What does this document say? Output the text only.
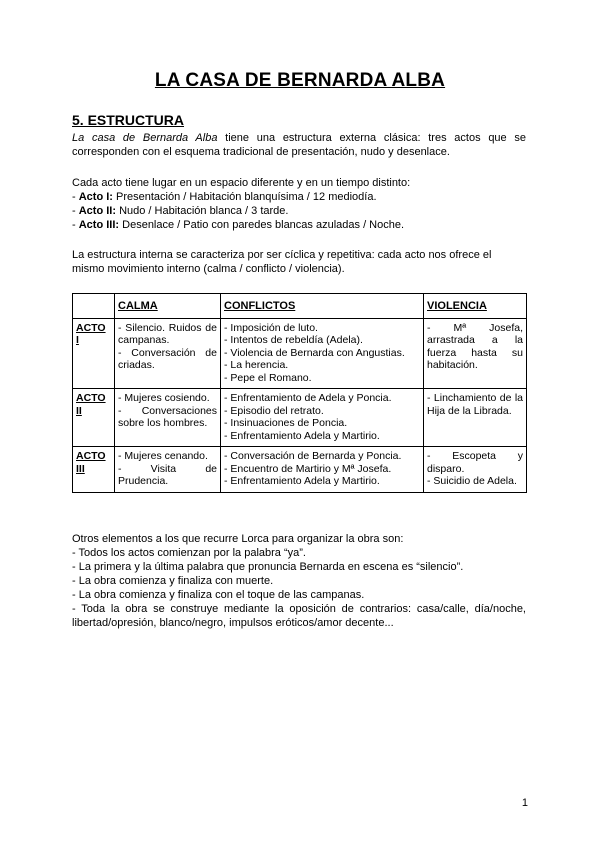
LA CASA DE BERNARDA ALBA
5. ESTRUCTURA
La casa de Bernarda Alba tiene una estructura externa clásica: tres actos que se corresponden con el esquema tradicional de presentación, nudo y desenlace.
Cada acto tiene lugar en un espacio diferente y en un tiempo distinto:
- Acto I: Presentación / Habitación blanquísima / 12 mediodía.
- Acto II: Nudo / Habitación blanca / 3 tarde.
- Acto III: Desenlace / Patio con paredes blancas azuladas / Noche.
La estructura interna se caracteriza por ser cíclica y repetitiva: cada acto nos ofrece el mismo movimiento interno (calma / conflicto / violencia).
	CALMA	CONFLICTOS	VIOLENCIA
ACTO I	- Silencio. Ruidos de campanas.
- Conversación de criadas.	- Imposición de luto.
- Intentos de rebeldía (Adela).
- Violencia de Bernarda con Angustias.
- La herencia.
- Pepe el Romano.	- Mª Josefa, arrastrada a la fuerza hasta su habitación.

ACTO II	- Mujeres cosiendo.
- Conversaciones sobre los hombres.	- Enfrentamiento de Adela y Poncia.
- Episodio del retrato.
- Insinuaciones de Poncia.
- Enfrentamiento Adela y Martirio.	- Linchamiento de la Hija de la Librada.

ACTO III	- Mujeres cenando.
- Visita de Prudencia.	- Conversación de Bernarda y Poncia.
- Encuentro de Martirio y Mª Josefa.
- Enfrentamiento Adela y Martirio.	- Escopeta y disparo.
- Suicidio de Adela.
Otros elementos a los que recurre Lorca para organizar la obra son:
- Todos los actos comienzan por la palabra “ya”.
- La primera y la última palabra que pronuncia Bernarda en escena es “silencio”.
- La obra comienza y finaliza con muerte.
- La obra comienza y finaliza con el toque de las campanas.
- Toda la obra se construye mediante la oposición de contrarios: casa/calle, día/noche, libertad/opresión, blanco/negro, impulsos eróticos/amor decente...
1
